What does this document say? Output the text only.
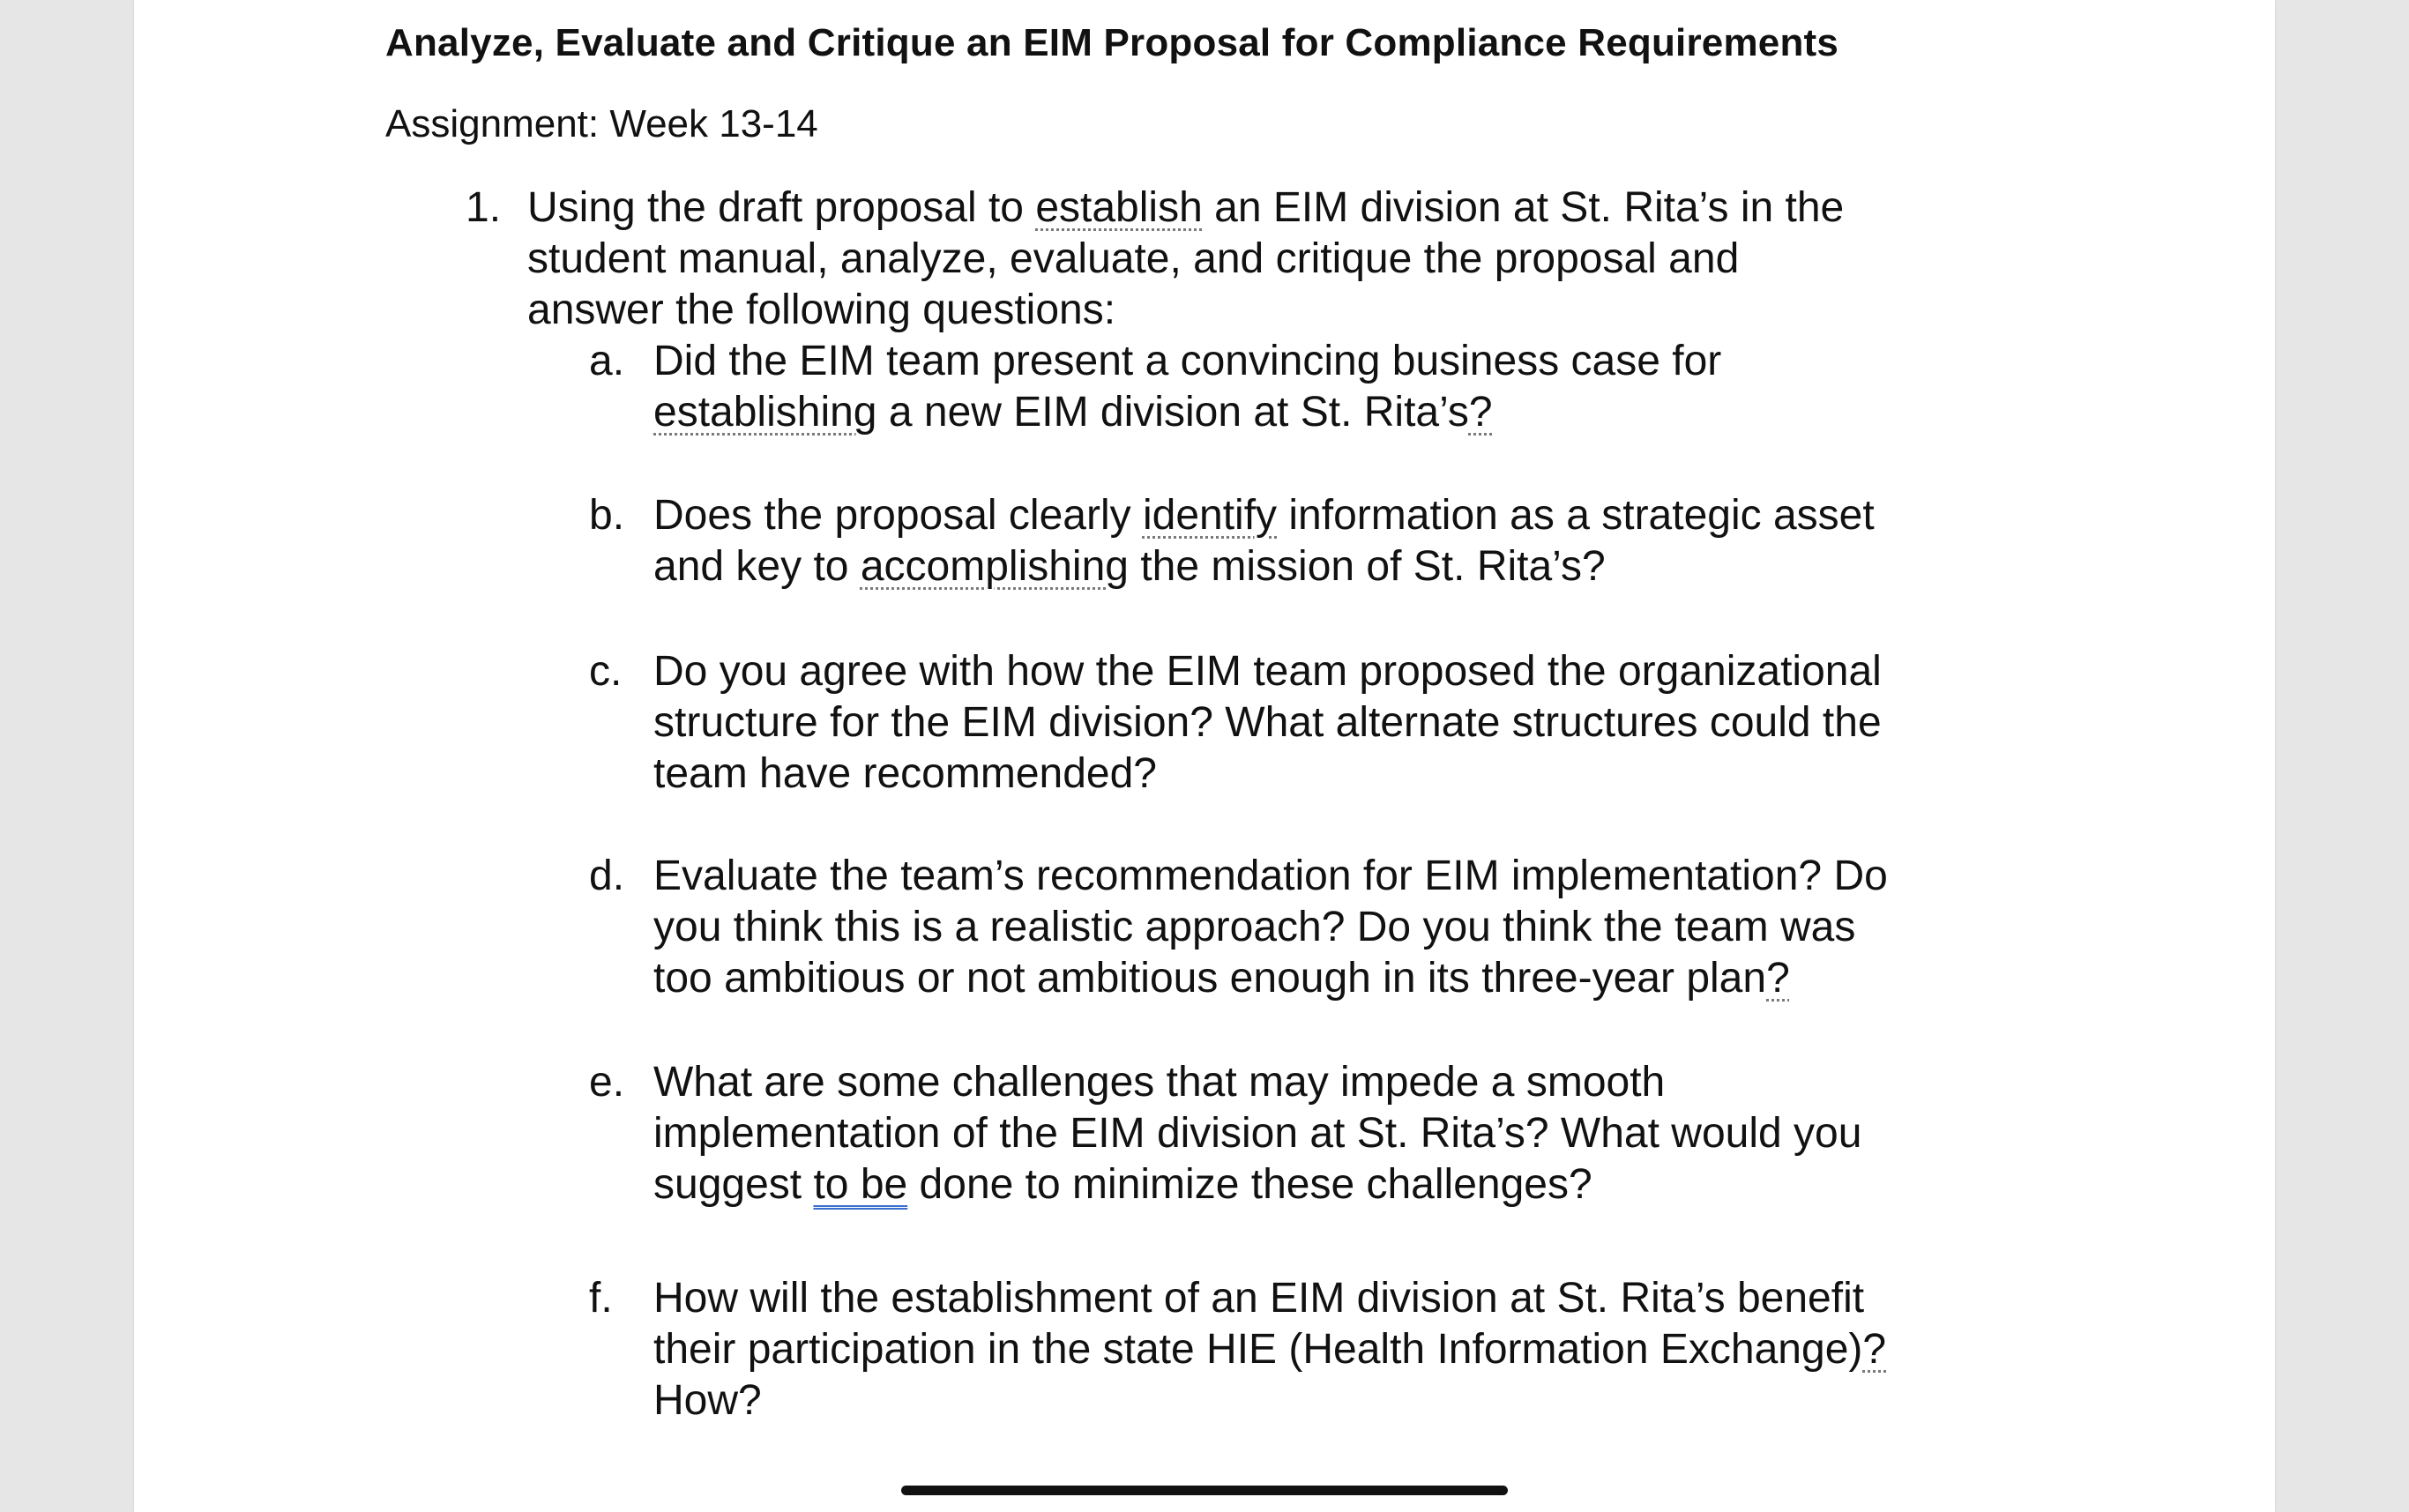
Analyze, Evaluate and Critique an EIM Proposal for Compliance Requirements
Assignment: Week 13-14
1. Using the draft proposal to establish an EIM division at St. Rita’s in the
student manual, analyze, evaluate, and critique the proposal and
answer the following questions:
a. Did the EIM team present a convincing business case for
establishing a new EIM division at St. Rita’s?
b. Does the proposal clearly identify information as a strategic asset
and key to accomplishing the mission of St. Rita’s?
c. Do you agree with how the EIM team proposed the organizational
structure for the EIM division? What alternate structures could the
team have recommended?
d. Evaluate the team’s recommendation for EIM implementation? Do
you think this is a realistic approach? Do you think the team was
too ambitious or not ambitious enough in its three-year plan?
e. What are some challenges that may impede a smooth
implementation of the EIM division at St. Rita’s? What would you
suggest to be done to minimize these challenges?
f. How will the establishment of an EIM division at St. Rita’s benefit
their participation in the state HIE (Health Information Exchange)?
How?
